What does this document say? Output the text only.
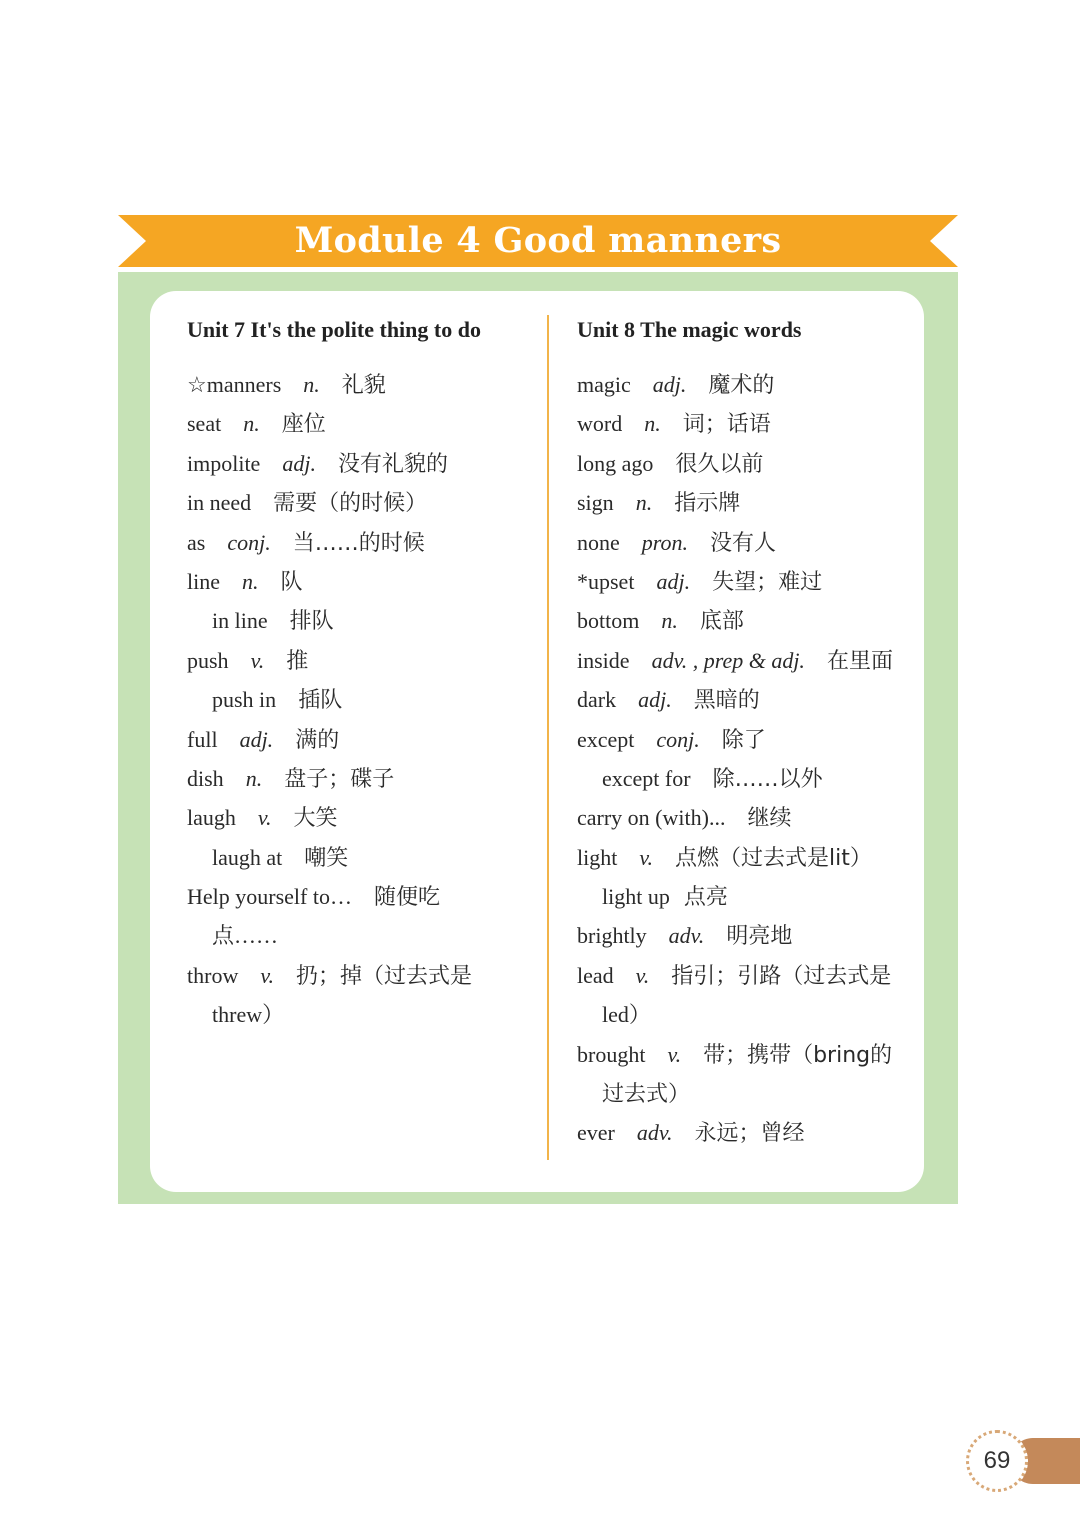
Module 4 Good manners
Unit 7 It's the polite thing to do
☆manners n. 礼貌
seat n. 座位
impolite adj. 没有礼貌的
in need 需要（的时候）
as conj. 当……的时候
line n. 队
in line 排队
push v. 推
push in 插队
full adj. 满的
dish n. 盘子；碟子
laugh v. 大笑
laugh at 嘲笑
Help yourself to… 随便吃
点……
throw v. 扔；掉（过去式是
threw）
Unit 8 The magic words
magic adj. 魔术的
word n. 词；话语
long ago 很久以前
sign n. 指示牌
none pron. 没有人
*upset adj. 失望；难过
bottom n. 底部
inside adv. , prep & adj. 在里面
dark adj. 黑暗的
except conj. 除了
except for 除……以外
carry on (with)... 继续
light v. 点燃（过去式是lit）
light up 点亮
brightly adv. 明亮地
lead v. 指引；引路（过去式是
led）
brought v. 带；携带（bring的
过去式）
ever adv. 永远；曾经
69
